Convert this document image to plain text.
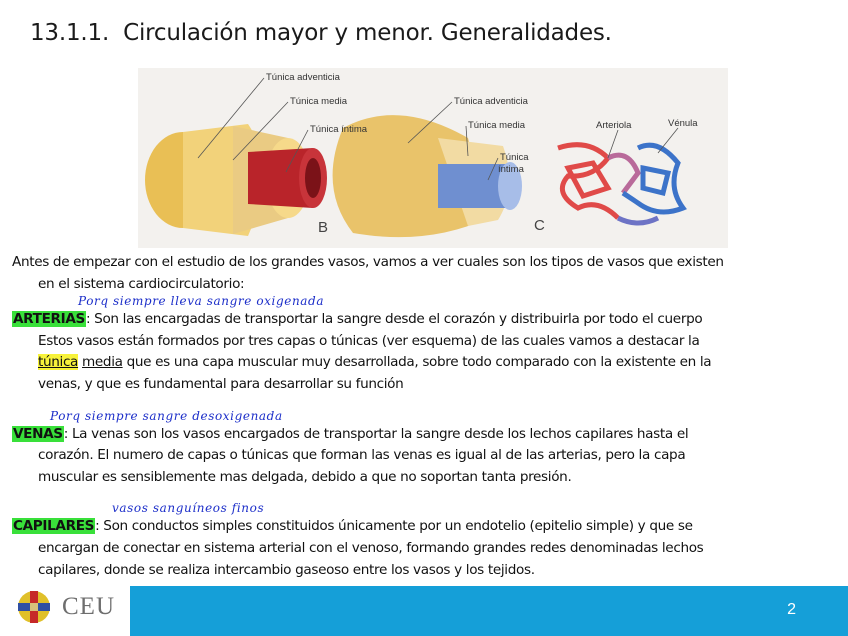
13.1.1. Circulación mayor y menor. Generalidades.
Túnica adventicia
Túnica media
Túnica íntima
B
Túnica adventicia
Túnica media
Túnica
íntima
C
Arteriola	Vénula

Antes de empezar con el estudio de los grandes vasos, vamos a ver cuales son los tipos de vasos que existen

en el sistema cardiocirculatorio:

Porq siempre lleva sangre oxigenada

ARTERIAS: Son las encargadas de transportar la sangre desde el corazón y distribuirla por todo el cuerpo

Estos vasos están formados por tres capas o túnicas (ver esquema) de las cuales vamos a destacar la

túnica media que es una capa muscular muy desarrollada, sobre todo comparado con la existente en la

venas, y que es fundamental para desarrollar su función

Porq siempre sangre desoxigenada

VENAS: La venas son los vasos encargados de transportar la sangre desde los lechos capilares hasta el

corazón. El numero de capas o túnicas que forman las venas es igual al de las arterias, pero la capa

muscular es sensiblemente mas delgada, debido a que no soportan tanta presión.

vasos sanguíneos finos

CAPILARES: Son conductos simples constituidos únicamente por un endotelio (epitelio simple) y que se

encargan de conectar en sistema arterial con el venoso, formando grandes redes denominadas lechos

capilares, donde se realiza intercambio gaseoso entre los vasos y los tejidos.

CEU	2
